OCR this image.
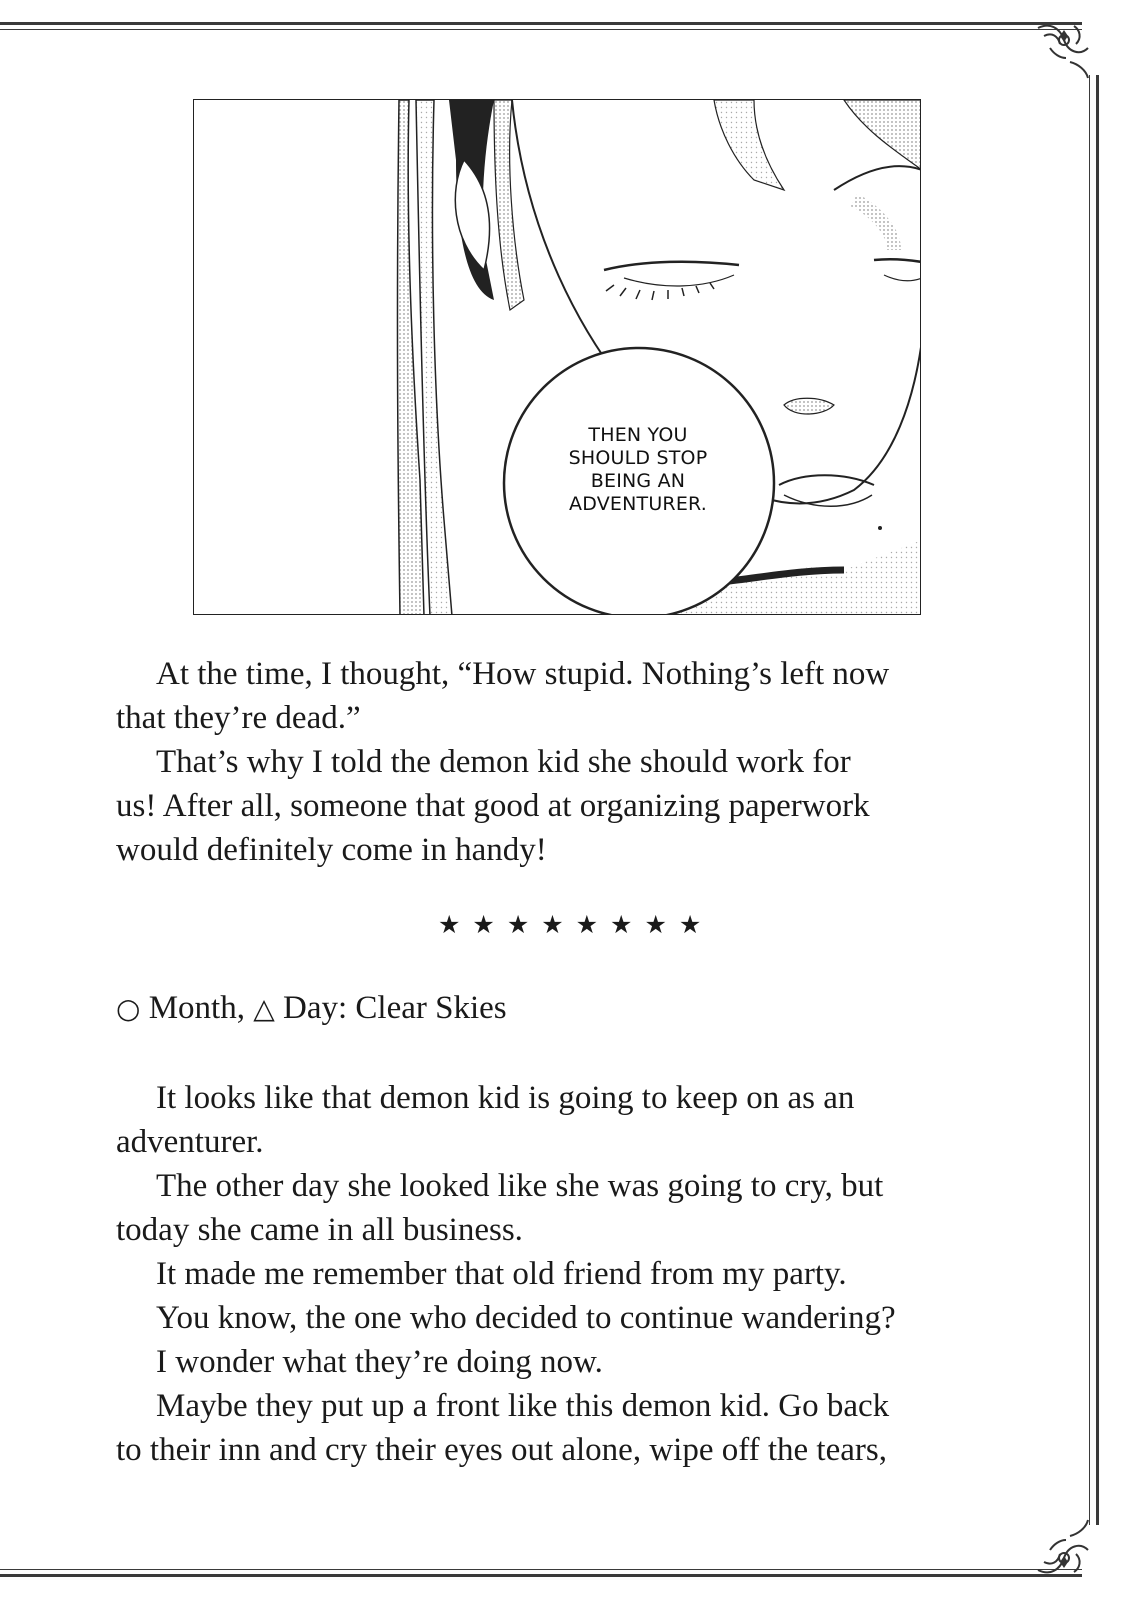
THEN YOU
SHOULD STOP
BEING AN
ADVENTURER.
At the time, I thought, “How stupid. Nothing’s left now
that they’re dead.”
That’s why I told the demon kid she should work for
us! After all, someone that good at organizing paperwork
would definitely come in handy!
★★★★★★★★
○ Month, △ Day: Clear Skies
It looks like that demon kid is going to keep on as an
adventurer.
The other day she looked like she was going to cry, but
today she came in all business.
It made me remember that old friend from my party.
You know, the one who decided to continue wandering?
I wonder what they’re doing now.
Maybe they put up a front like this demon kid. Go back
to their inn and cry their eyes out alone, wipe off the tears,
